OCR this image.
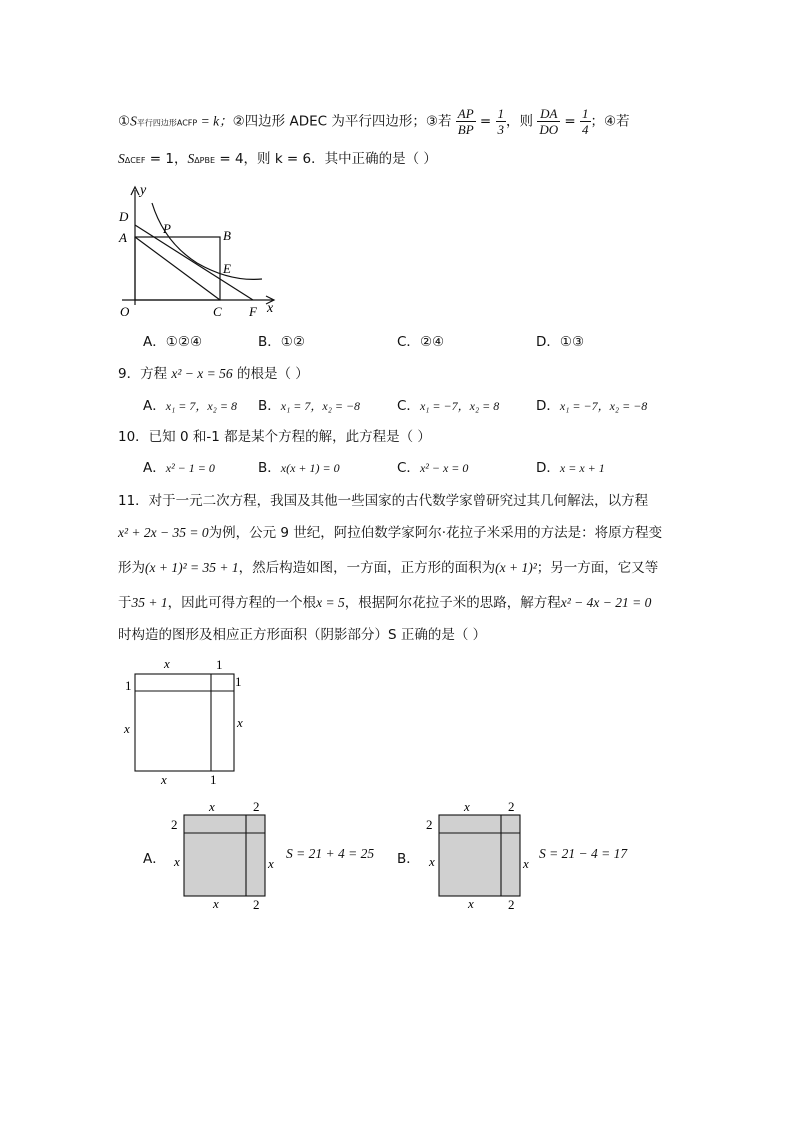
①S平行四边形ACFP = k；②四边形 ADEC 为平行四边形；③若 $\frac{AP}{BP} = \frac{1}{3}$ ，则 $\frac{DA}{DO} = \frac{1}{4}$ ；④若
SΔCEF = 1，SΔPBE = 4，则 k = 6．其中正确的是（ ）
y
x
D
A
P	B
E
O	C F
A．①②④	B．①②	C．②④	D．①③
9．方程 x² − x = 56 的根是（ ）
A．x₁ = 7，x₂ = 8 B．x₁ = 7，x₂ = −8	C．x₁ = −7，x₂ = 8	D．x₁ = −7，x₂ = −8
10．已知 0 和-1 都是某个方程的解，此方程是（ ）
A．x² − 1 = 0	B．x(x + 1) = 0	C．x² − x = 0	D．x = x + 1
11．对于一元二次方程，我国及其他一些国家的古代数学家曾研究过其几何解法，以方程
x² + 2x − 35 = 0为例，公元 9 世纪，阿拉伯数学家阿尔·花拉子米采用的方法是：将原方程变
形为(x + 1)² = 35 + 1，然后构造如图，一方面，正方形的面积为(x + 1)²；另一方面，它又等
于35 + 1，因此可得方程的一个根x = 5，根据阿尔花拉子米的思路，解方程x² − 4x − 21 = 0
时构造的图形及相应正方形面积（阴影部分）S 正确的是（ ）
x	1
1	1
x	x
x	1
A．
x	2
2
x	x
x	2
S = 21 + 4 = 25 B．
x	2
2
x	x
x	2
S = 21 − 4 = 17
